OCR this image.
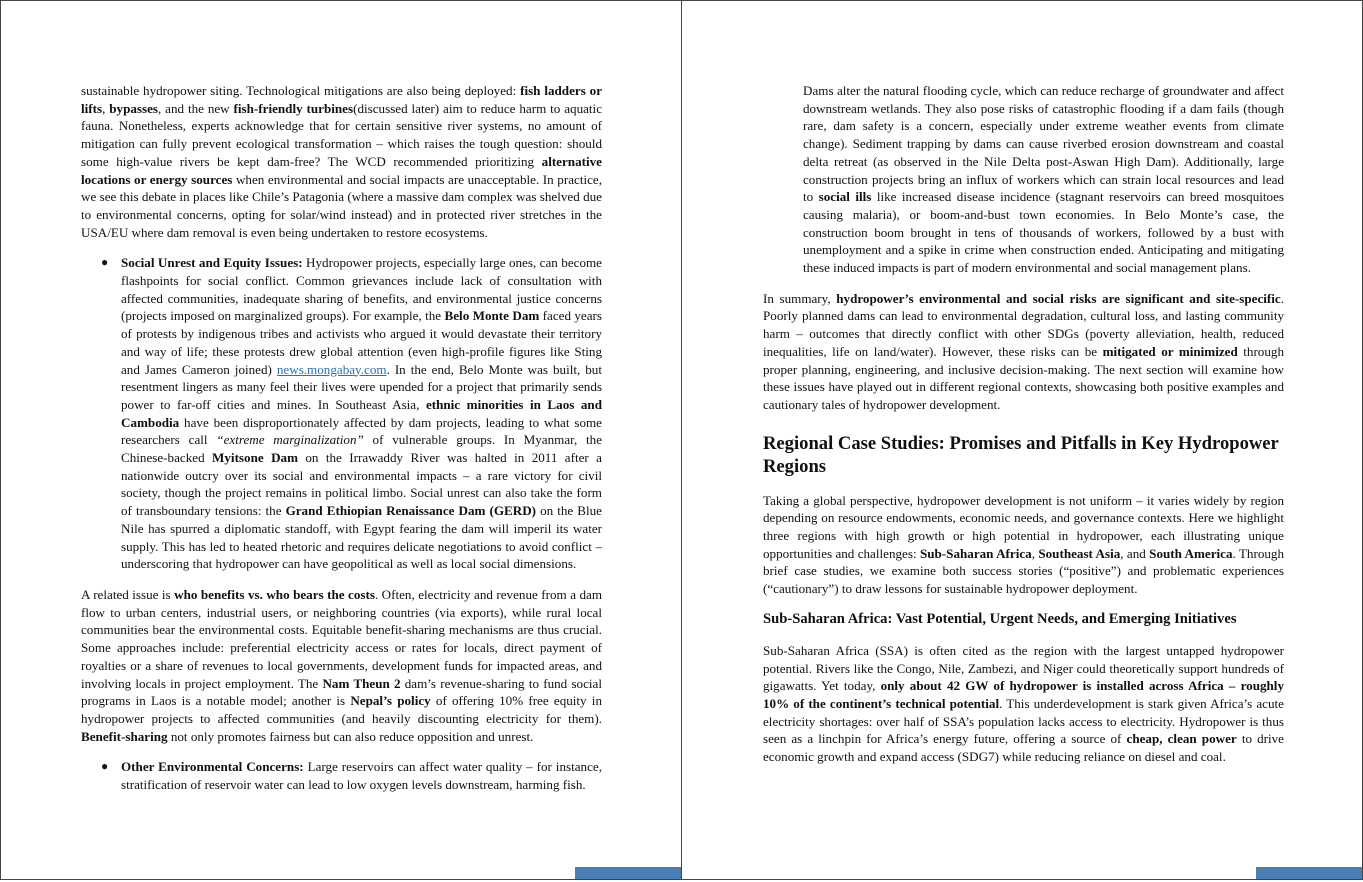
sustainable hydropower siting. Technological mitigations are also being deployed: fish ladders or lifts, bypasses, and the new fish-friendly turbines(discussed later) aim to reduce harm to aquatic fauna. Nonetheless, experts acknowledge that for certain sensitive river systems, no amount of mitigation can fully prevent ecological transformation – which raises the tough question: should some high-value rivers be kept dam-free? The WCD recommended prioritizing alternative locations or energy sources when environmental and social impacts are unacceptable. In practice, we see this debate in places like Chile’s Patagonia (where a massive dam complex was shelved due to environmental concerns, opting for solar/wind instead) and in protected river stretches in the USA/EU where dam removal is even being undertaken to restore ecosystems.

● Social Unrest and Equity Issues: Hydropower projects, especially large ones, can become flashpoints for social conflict. Common grievances include lack of consultation with affected communities, inadequate sharing of benefits, and environmental justice concerns (projects imposed on marginalized groups). For example, the Belo Monte Dam faced years of protests by indigenous tribes and activists who argued it would devastate their territory and way of life; these protests drew global attention (even high-profile figures like Sting and James Cameron joined) news.mongabay.com. In the end, Belo Monte was built, but resentment lingers as many feel their lives were upended for a project that primarily sends power to far-off cities and mines. In Southeast Asia, ethnic minorities in Laos and Cambodia have been disproportionately affected by dam projects, leading to what some researchers call “extreme marginalization” of vulnerable groups. In Myanmar, the Chinese-backed Myitsone Dam on the Irrawaddy River was halted in 2011 after a nationwide outcry over its social and environmental impacts – a rare victory for civil society, though the project remains in political limbo. Social unrest can also take the form of transboundary tensions: the Grand Ethiopian Renaissance Dam (GERD) on the Blue Nile has spurred a diplomatic standoff, with Egypt fearing the dam will imperil its water supply. This has led to heated rhetoric and requires delicate negotiations to avoid conflict – underscoring that hydropower can have geopolitical as well as local social dimensions.

A related issue is who benefits vs. who bears the costs. Often, electricity and revenue from a dam flow to urban centers, industrial users, or neighboring countries (via exports), while rural local communities bear the environmental costs. Equitable benefit-sharing mechanisms are thus crucial. Some approaches include: preferential electricity access or rates for locals, direct payment of royalties or a share of revenues to local governments, development funds for impacted areas, and involving locals in project employment. The Nam Theun 2 dam’s revenue-sharing to fund social programs in Laos is a notable model; another is Nepal’s policy of offering 10% free equity in hydropower projects to affected communities (and heavily discounting electricity for them). Benefit-sharing not only promotes fairness but can also reduce opposition and unrest.

● Other Environmental Concerns: Large reservoirs can affect water quality – for instance, stratification of reservoir water can lead to low oxygen levels downstream, harming fish.

Dams alter the natural flooding cycle, which can reduce recharge of groundwater and affect downstream wetlands. They also pose risks of catastrophic flooding if a dam fails (though rare, dam safety is a concern, especially under extreme weather events from climate change). Sediment trapping by dams can cause riverbed erosion downstream and coastal delta retreat (as observed in the Nile Delta post-Aswan High Dam). Additionally, large construction projects bring an influx of workers which can strain local resources and lead to social ills like increased disease incidence (stagnant reservoirs can breed mosquitoes causing malaria), or boom-and-bust town economies. In Belo Monte’s case, the construction boom brought in tens of thousands of workers, followed by a bust with unemployment and a spike in crime when construction ended. Anticipating and mitigating these induced impacts is part of modern environmental and social management plans.

In summary, hydropower’s environmental and social risks are significant and site-specific. Poorly planned dams can lead to environmental degradation, cultural loss, and lasting community harm – outcomes that directly conflict with other SDGs (poverty alleviation, health, reduced inequalities, life on land/water). However, these risks can be mitigated or minimized through proper planning, engineering, and inclusive decision-making. The next section will examine how these issues have played out in different regional contexts, showcasing both positive examples and cautionary tales of hydropower development.

Regional Case Studies: Promises and Pitfalls in Key Hydropower Regions

Taking a global perspective, hydropower development is not uniform – it varies widely by region depending on resource endowments, economic needs, and governance contexts. Here we highlight three regions with high growth or high potential in hydropower, each illustrating unique opportunities and challenges: Sub-Saharan Africa, Southeast Asia, and South America. Through brief case studies, we examine both success stories (“positive”) and problematic experiences (“cautionary”) to draw lessons for sustainable hydropower deployment.

Sub-Saharan Africa: Vast Potential, Urgent Needs, and Emerging Initiatives

Sub-Saharan Africa (SSA) is often cited as the region with the largest untapped hydropower potential. Rivers like the Congo, Nile, Zambezi, and Niger could theoretically support hundreds of gigawatts. Yet today, only about 42 GW of hydropower is installed across Africa – roughly 10% of the continent’s technical potential. This underdevelopment is stark given Africa’s acute electricity shortages: over half of SSA’s population lacks access to electricity. Hydropower is thus seen as a linchpin for Africa’s energy future, offering a source of cheap, clean power to drive economic growth and expand access (SDG7) while reducing reliance on diesel and coal.
